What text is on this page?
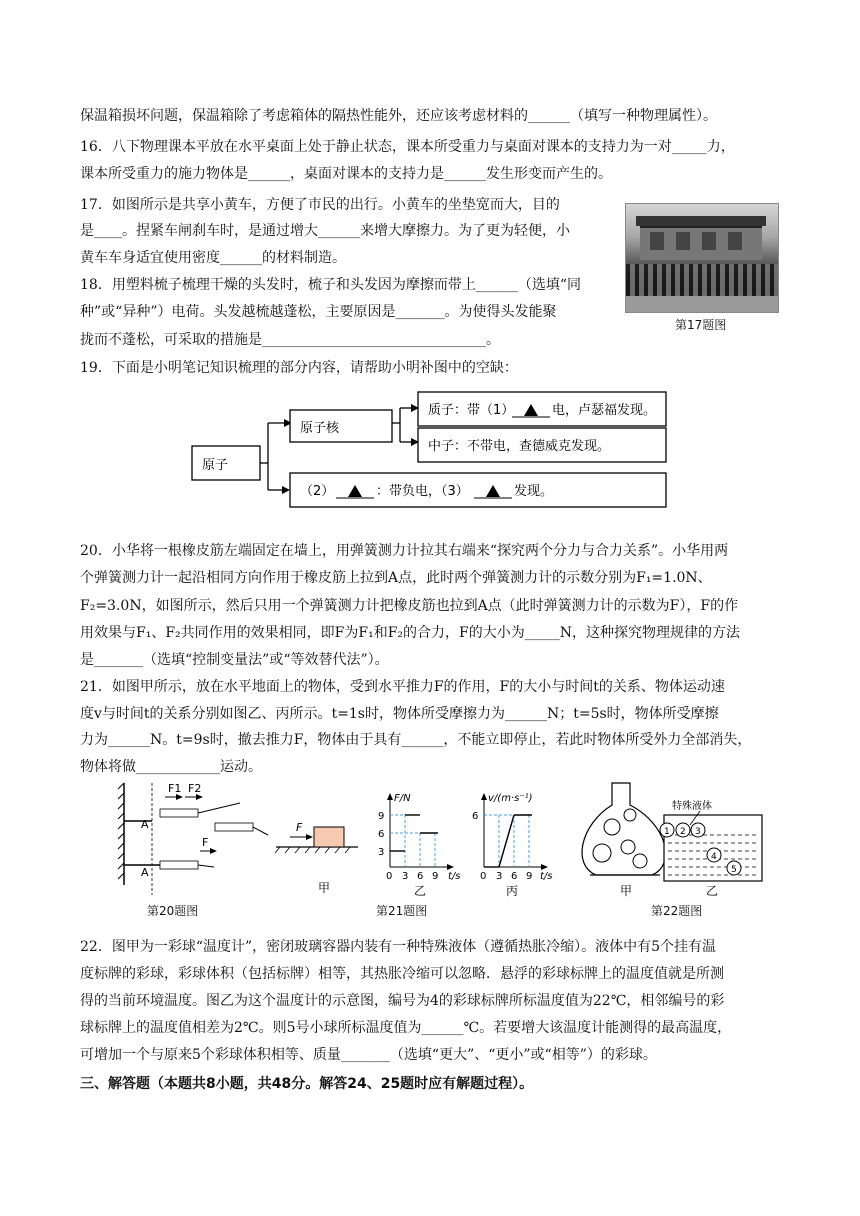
保温箱损坏问题，保温箱除了考虑箱体的隔热性能外，还应该考虑材料的______（填写一种物理属性）。
16．八下物理课本平放在水平桌面上处于静止状态，课本所受重力与桌面对课本的支持力为一对_____力，
课本所受重力的施力物体是______，桌面对课本的支持力是______发生形变而产生的。
17．如图所示是共享小黄车，方便了市民的出行。小黄车的坐垫宽而大，目的
是____。捏紧车闸刹车时，是通过增大______来增大摩擦力。为了更为轻便，小
黄车车身适宜使用密度______的材料制造。
18．用塑料梳子梳理干燥的头发时，梳子和头发因为摩擦而带上______（选填“同
种”或“异种”）电荷。头发越梳越蓬松，主要原因是_______。为使得头发能聚
拢而不蓬松，可采取的措施是________________________________。
第17题图
19．下面是小明笔记知识梳理的部分内容，请帮助小明补图中的空缺：
原子
原子核
质子：带（1）	电，卢瑟福发现。
中子：不带电，查德威克发现。
（2）	：带负电，（3）	发现。
20．小华将一根橡皮筋左端固定在墙上，用弹簧测力计拉其右端来“探究两个分力与合力关系”。小华用两
个弹簧测力计一起沿相同方向作用于橡皮筋上拉到A点，此时两个弹簧测力计的示数分别为F₁=1.0N、
F₂=3.0N，如图所示，然后只用一个弹簧测力计把橡皮筋也拉到A点（此时弹簧测力计的示数为F），F的作
用效果与F₁、F₂共同作用的效果相同，即F为F₁和F₂的合力，F的大小为_____N，这种探究物理规律的方法
是_______（选填“控制变量法”或“等效替代法”）。
21．如图甲所示，放在水平地面上的物体，受到水平推力F的作用，F的大小与时间t的关系、物体运动速
度v与时间t的关系分别如图乙、丙所示。t=1s时，物体所受摩擦力为______N；t=5s时，物体所受摩擦
力为______N。t=9s时，撤去推力F，物体由于具有______，不能立即停止，若此时物体所受外力全部消失，
物体将做____________运动。
F1 F2
A
F
A
F
甲
F/N
t/s
3
6
9
0 3 6 9
乙
v/(m·s⁻¹)
t/s
6
0 3 6 9
丙	甲
特殊液体
1 2 3
4
5
乙
第20题图	第21题图	第22题图
22．图甲为一彩球“温度计”，密闭玻璃容器内装有一种特殊液体（遵循热胀冷缩）。液体中有5个挂有温
度标牌的彩球，彩球体积（包括标牌）相等，其热胀冷缩可以忽略．悬浮的彩球标牌上的温度值就是所测
得的当前环境温度。图乙为这个温度计的示意图，编号为4的彩球标牌所标温度值为22℃，相邻编号的彩
球标牌上的温度值相差为2℃。则5号小球所标温度值为______℃。若要增大该温度计能测得的最高温度，
可增加一个与原来5个彩球体积相等、质量_______（选填“更大”、“更小”或“相等”）的彩球。
三、解答题（本题共8小题，共48分。解答24、25题时应有解题过程）。
